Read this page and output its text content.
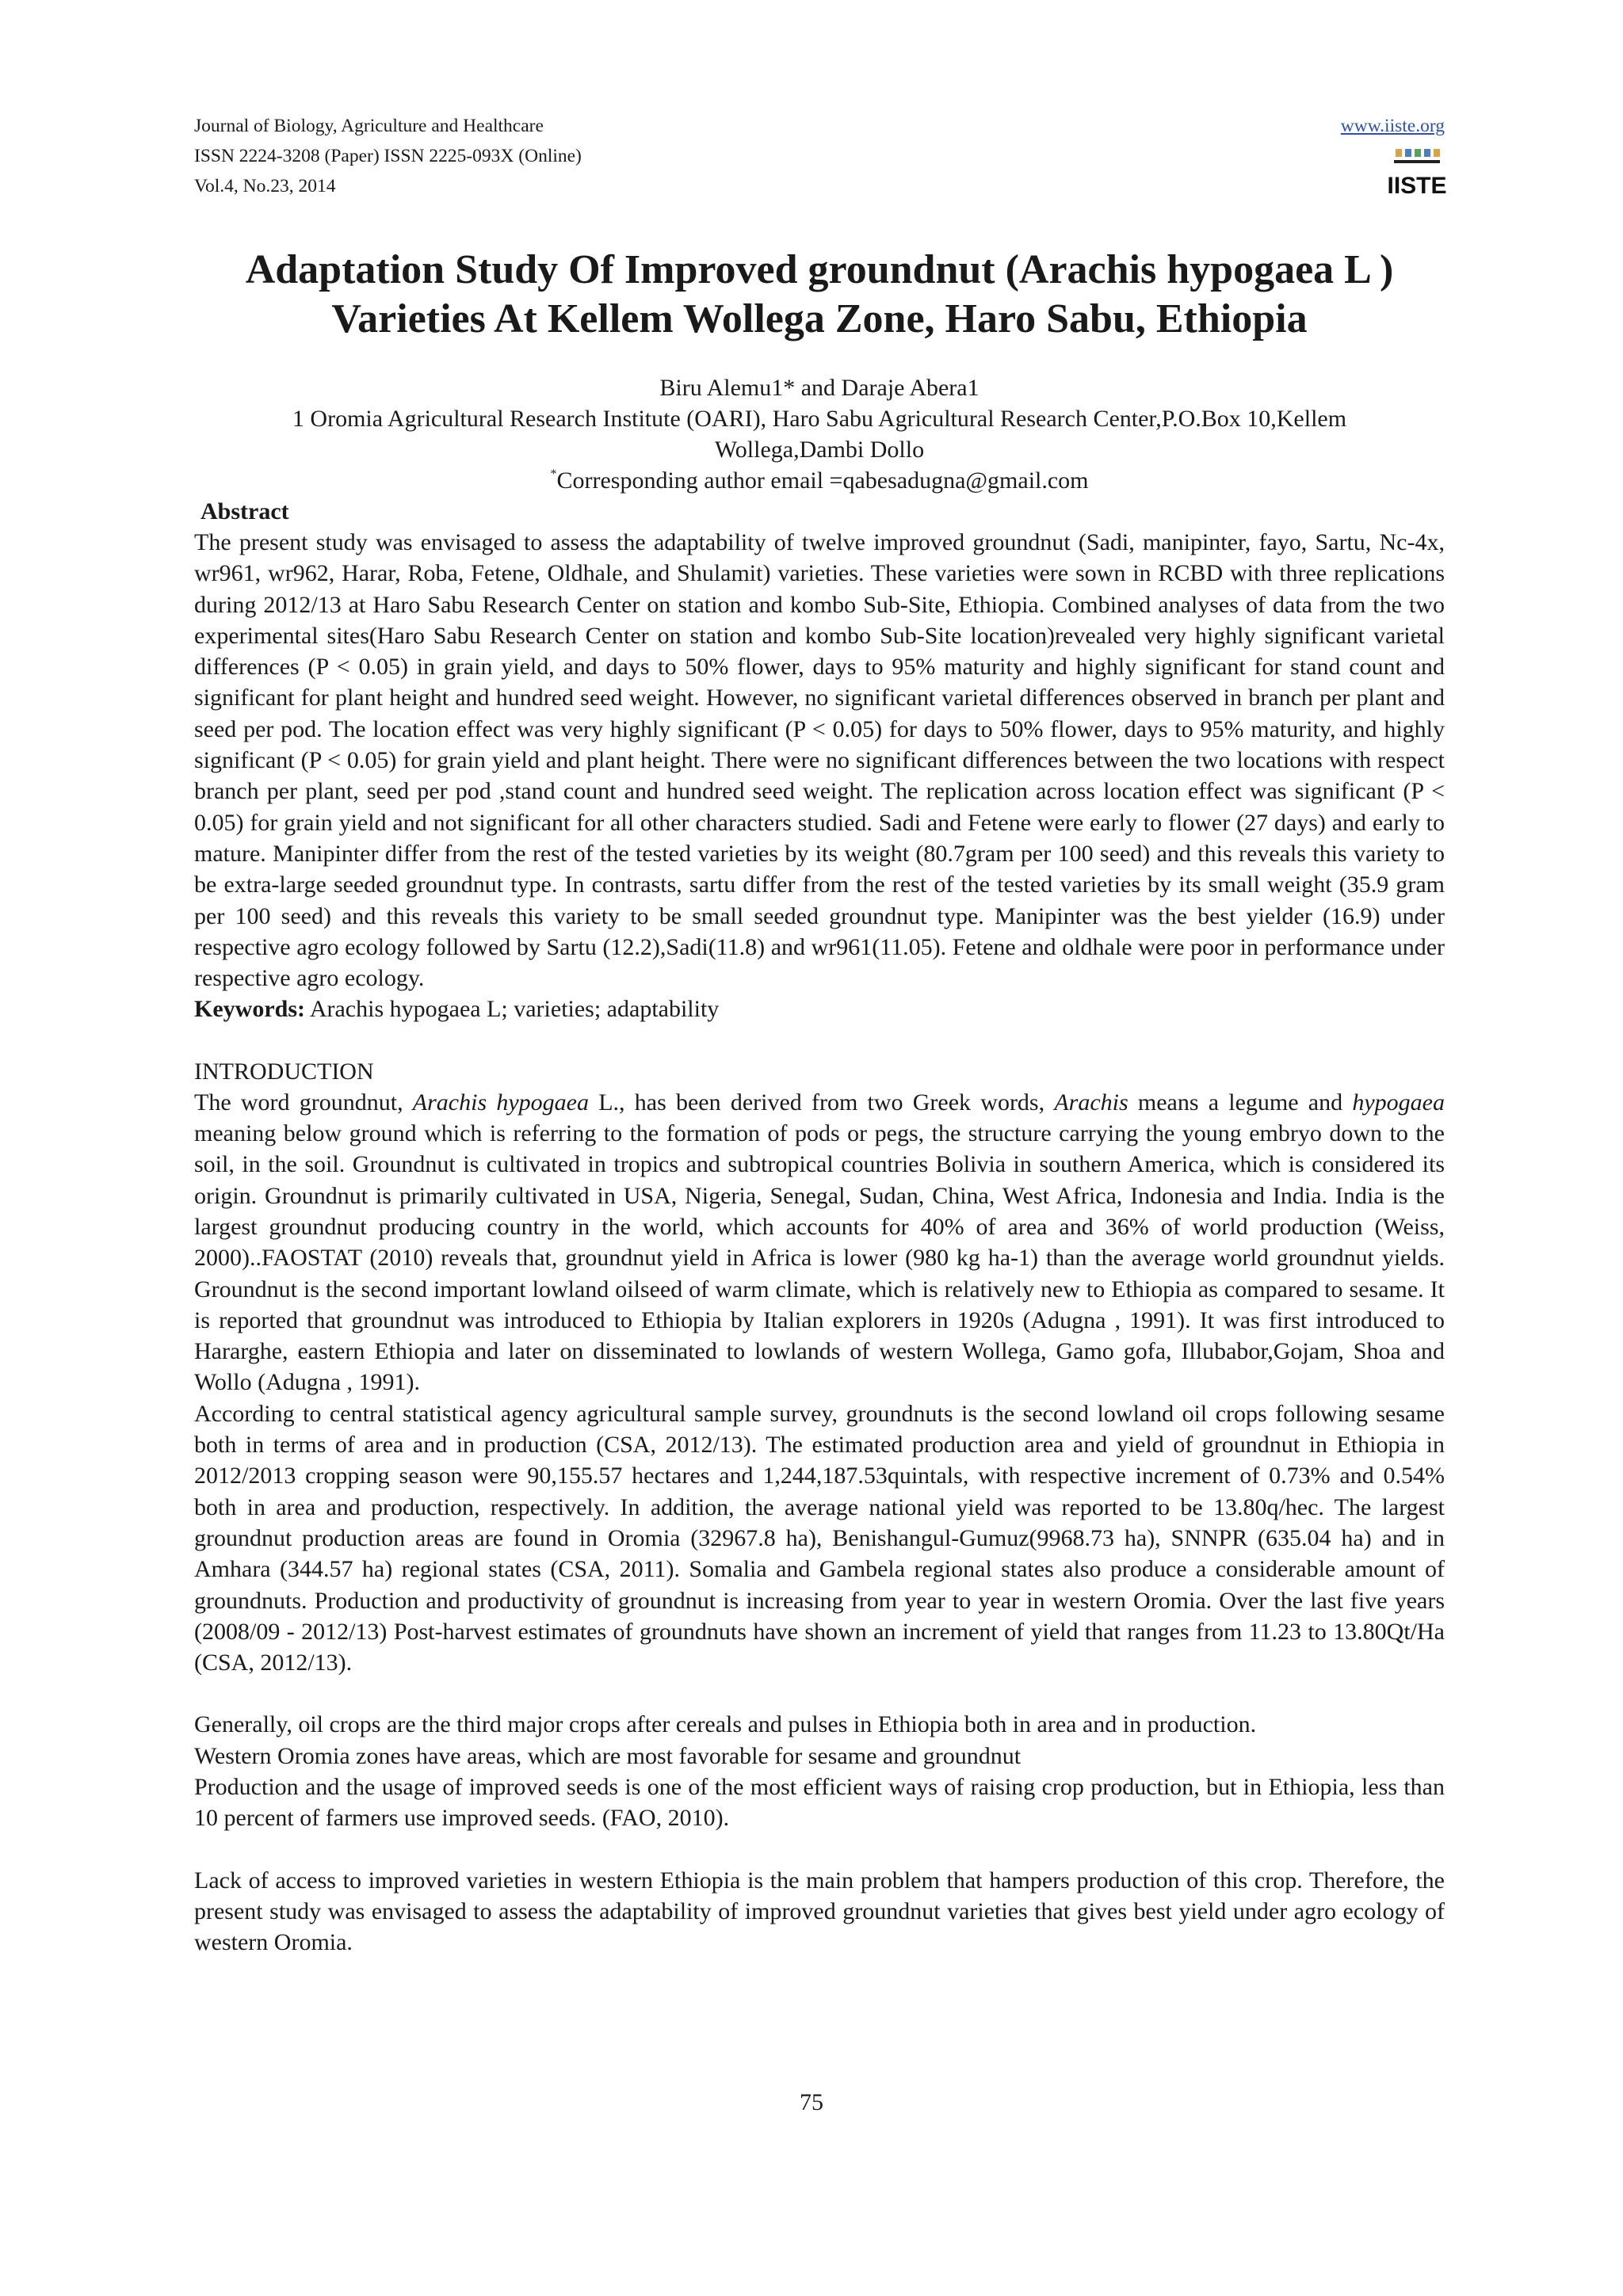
Journal of Biology, Agriculture and Healthcare
ISSN 2224-3208 (Paper) ISSN 2225-093X (Online)
Vol.4, No.23, 2014
www.iiste.org
IISTE
Adaptation Study Of Improved groundnut (Arachis hypogaea L )
Varieties At Kellem Wollega Zone, Haro Sabu, Ethiopia
Biru Alemu1* and Daraje Abera1
1 Oromia Agricultural Research Institute (OARI), Haro Sabu Agricultural Research Center,P.O.Box 10,Kellem
Wollega,Dambi Dollo
*Corresponding author email =qabesadugna@gmail.com
Abstract

The present study was envisaged to assess the adaptability of twelve improved groundnut (Sadi, manipinter, fayo, Sartu, Nc-4x, wr961, wr962, Harar, Roba, Fetene, Oldhale, and Shulamit) varieties. These varieties were sown in RCBD with three replications during 2012/13 at Haro Sabu Research Center on station and kombo Sub-Site, Ethiopia. Combined analyses of data from the two experimental sites(Haro Sabu Research Center on station and kombo Sub-Site location)revealed very highly significant varietal differences (P < 0.05) in grain yield, and days to 50% flower, days to 95% maturity and highly significant for stand count and significant for plant height and hundred seed weight. However, no significant varietal differences observed in branch per plant and seed per pod. The location effect was very highly significant (P < 0.05) for days to 50% flower, days to 95% maturity, and highly significant (P < 0.05) for grain yield and plant height. There were no significant differences between the two locations with respect branch per plant, seed per pod ,stand count and hundred seed weight. The replication across location effect was significant (P < 0.05) for grain yield and not significant for all other characters studied. Sadi and Fetene were early to flower (27 days) and early to mature. Manipinter differ from the rest of the tested varieties by its weight (80.7gram per 100 seed) and this reveals this variety to be extra-large seeded groundnut type. In contrasts, sartu differ from the rest of the tested varieties by its small weight (35.9 gram per 100 seed) and this reveals this variety to be small seeded groundnut type. Manipinter was the best yielder (16.9) under respective agro ecology followed by Sartu (12.2),Sadi(11.8) and wr961(11.05). Fetene and oldhale were poor in performance under respective agro ecology.

Keywords: Arachis hypogaea L; varieties; adaptability

INTRODUCTION

The word groundnut, Arachis hypogaea L., has been derived from two Greek words, Arachis means a legume and hypogaea meaning below ground which is referring to the formation of pods or pegs, the structure carrying the young embryo down to the soil, in the soil. Groundnut is cultivated in tropics and subtropical countries Bolivia in southern America, which is considered its origin. Groundnut is primarily cultivated in USA, Nigeria, Senegal, Sudan, China, West Africa, Indonesia and India. India is the largest groundnut producing country in the world, which accounts for 40% of area and 36% of world production (Weiss, 2000)..FAOSTAT (2010) reveals that, groundnut yield in Africa is lower (980 kg ha-1) than the average world groundnut yields. Groundnut is the second important lowland oilseed of warm climate, which is relatively new to Ethiopia as compared to sesame. It is reported that groundnut was introduced to Ethiopia by Italian explorers in 1920s (Adugna , 1991). It was first introduced to Hararghe, eastern Ethiopia and later on disseminated to lowlands of western Wollega, Gamo gofa, Illubabor,Gojam, Shoa and Wollo (Adugna , 1991).

According to central statistical agency agricultural sample survey, groundnuts is the second lowland oil crops following sesame both in terms of area and in production (CSA, 2012/13). The estimated production area and yield of groundnut in Ethiopia in 2012/2013 cropping season were 90,155.57 hectares and 1,244,187.53quintals, with respective increment of 0.73% and 0.54% both in area and production, respectively. In addition, the average national yield was reported to be 13.80q/hec. The largest groundnut production areas are found in Oromia (32967.8 ha), Benishangul-Gumuz(9968.73 ha), SNNPR (635.04 ha) and in Amhara (344.57 ha) regional states (CSA, 2011). Somalia and Gambela regional states also produce a considerable amount of groundnuts. Production and productivity of groundnut is increasing from year to year in western Oromia. Over the last five years (2008/09 - 2012/13) Post-harvest estimates of groundnuts have shown an increment of yield that ranges from 11.23 to 13.80Qt/Ha (CSA, 2012/13).

Generally, oil crops are the third major crops after cereals and pulses in Ethiopia both in area and in production.
Western Oromia zones have areas, which are most favorable for sesame and groundnut

Production and the usage of improved seeds is one of the most efficient ways of raising crop production, but in Ethiopia, less than 10 percent of farmers use improved seeds. (FAO, 2010).

Lack of access to improved varieties in western Ethiopia is the main problem that hampers production of this crop. Therefore, the present study was envisaged to assess the adaptability of improved groundnut varieties that gives best yield under agro ecology of western Oromia.

75
